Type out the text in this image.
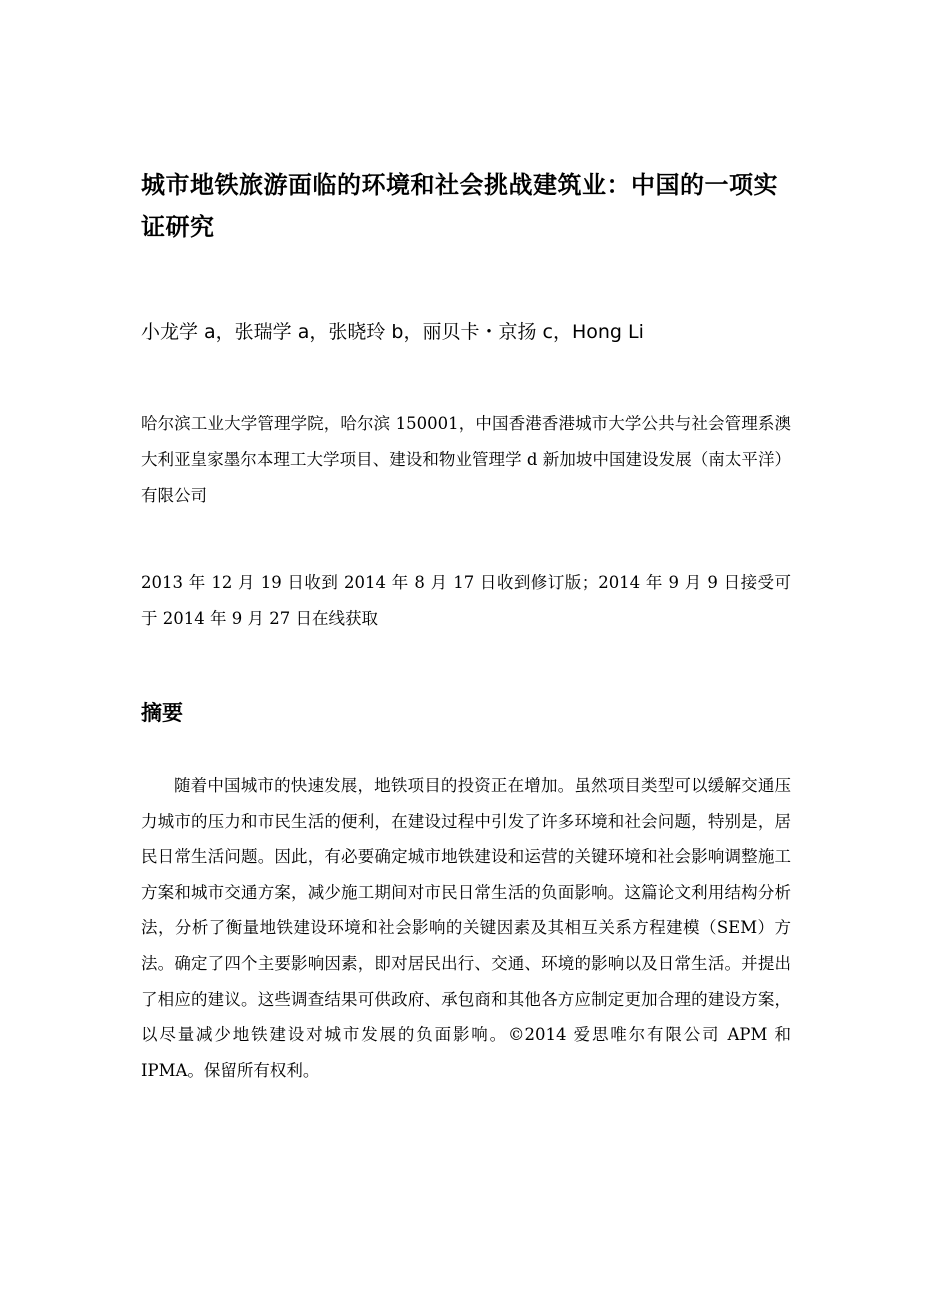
城市地铁旅游面临的环境和社会挑战建筑业：中国的一项实证研究

小龙学 a，张瑞学 a，张晓玲 b，丽贝卡・京扬 c，Hong Li

哈尔滨工业大学管理学院，哈尔滨 150001，中国香港香港城市大学公共与社会管理系澳大利亚皇家墨尔本理工大学项目、建设和物业管理学 d 新加坡中国建设发展（南太平洋）有限公司

2013 年 12 月 19 日收到 2014 年 8 月 17 日收到修订版；2014 年 9 月 9 日接受可于 2014 年 9 月 27 日在线获取

摘要

随着中国城市的快速发展，地铁项目的投资正在增加。虽然项目类型可以缓解交通压力城市的压力和市民生活的便利，在建设过程中引发了许多环境和社会问题，特别是，居民日常生活问题。因此，有必要确定城市地铁建设和运营的关键环境和社会影响调整施工方案和城市交通方案，减少施工期间对市民日常生活的负面影响。这篇论文利用结构分析法，分析了衡量地铁建设环境和社会影响的关键因素及其相互关系方程建模（SEM）方法。确定了四个主要影响因素，即对居民出行、交通、环境的影响以及日常生活。并提出了相应的建议。这些调查结果可供政府、承包商和其他各方应制定更加合理的建设方案，以尽量减少地铁建设对城市发展的负面影响。©2014 爱思唯尔有限公司 APM 和 IPMA。保留所有权利。
